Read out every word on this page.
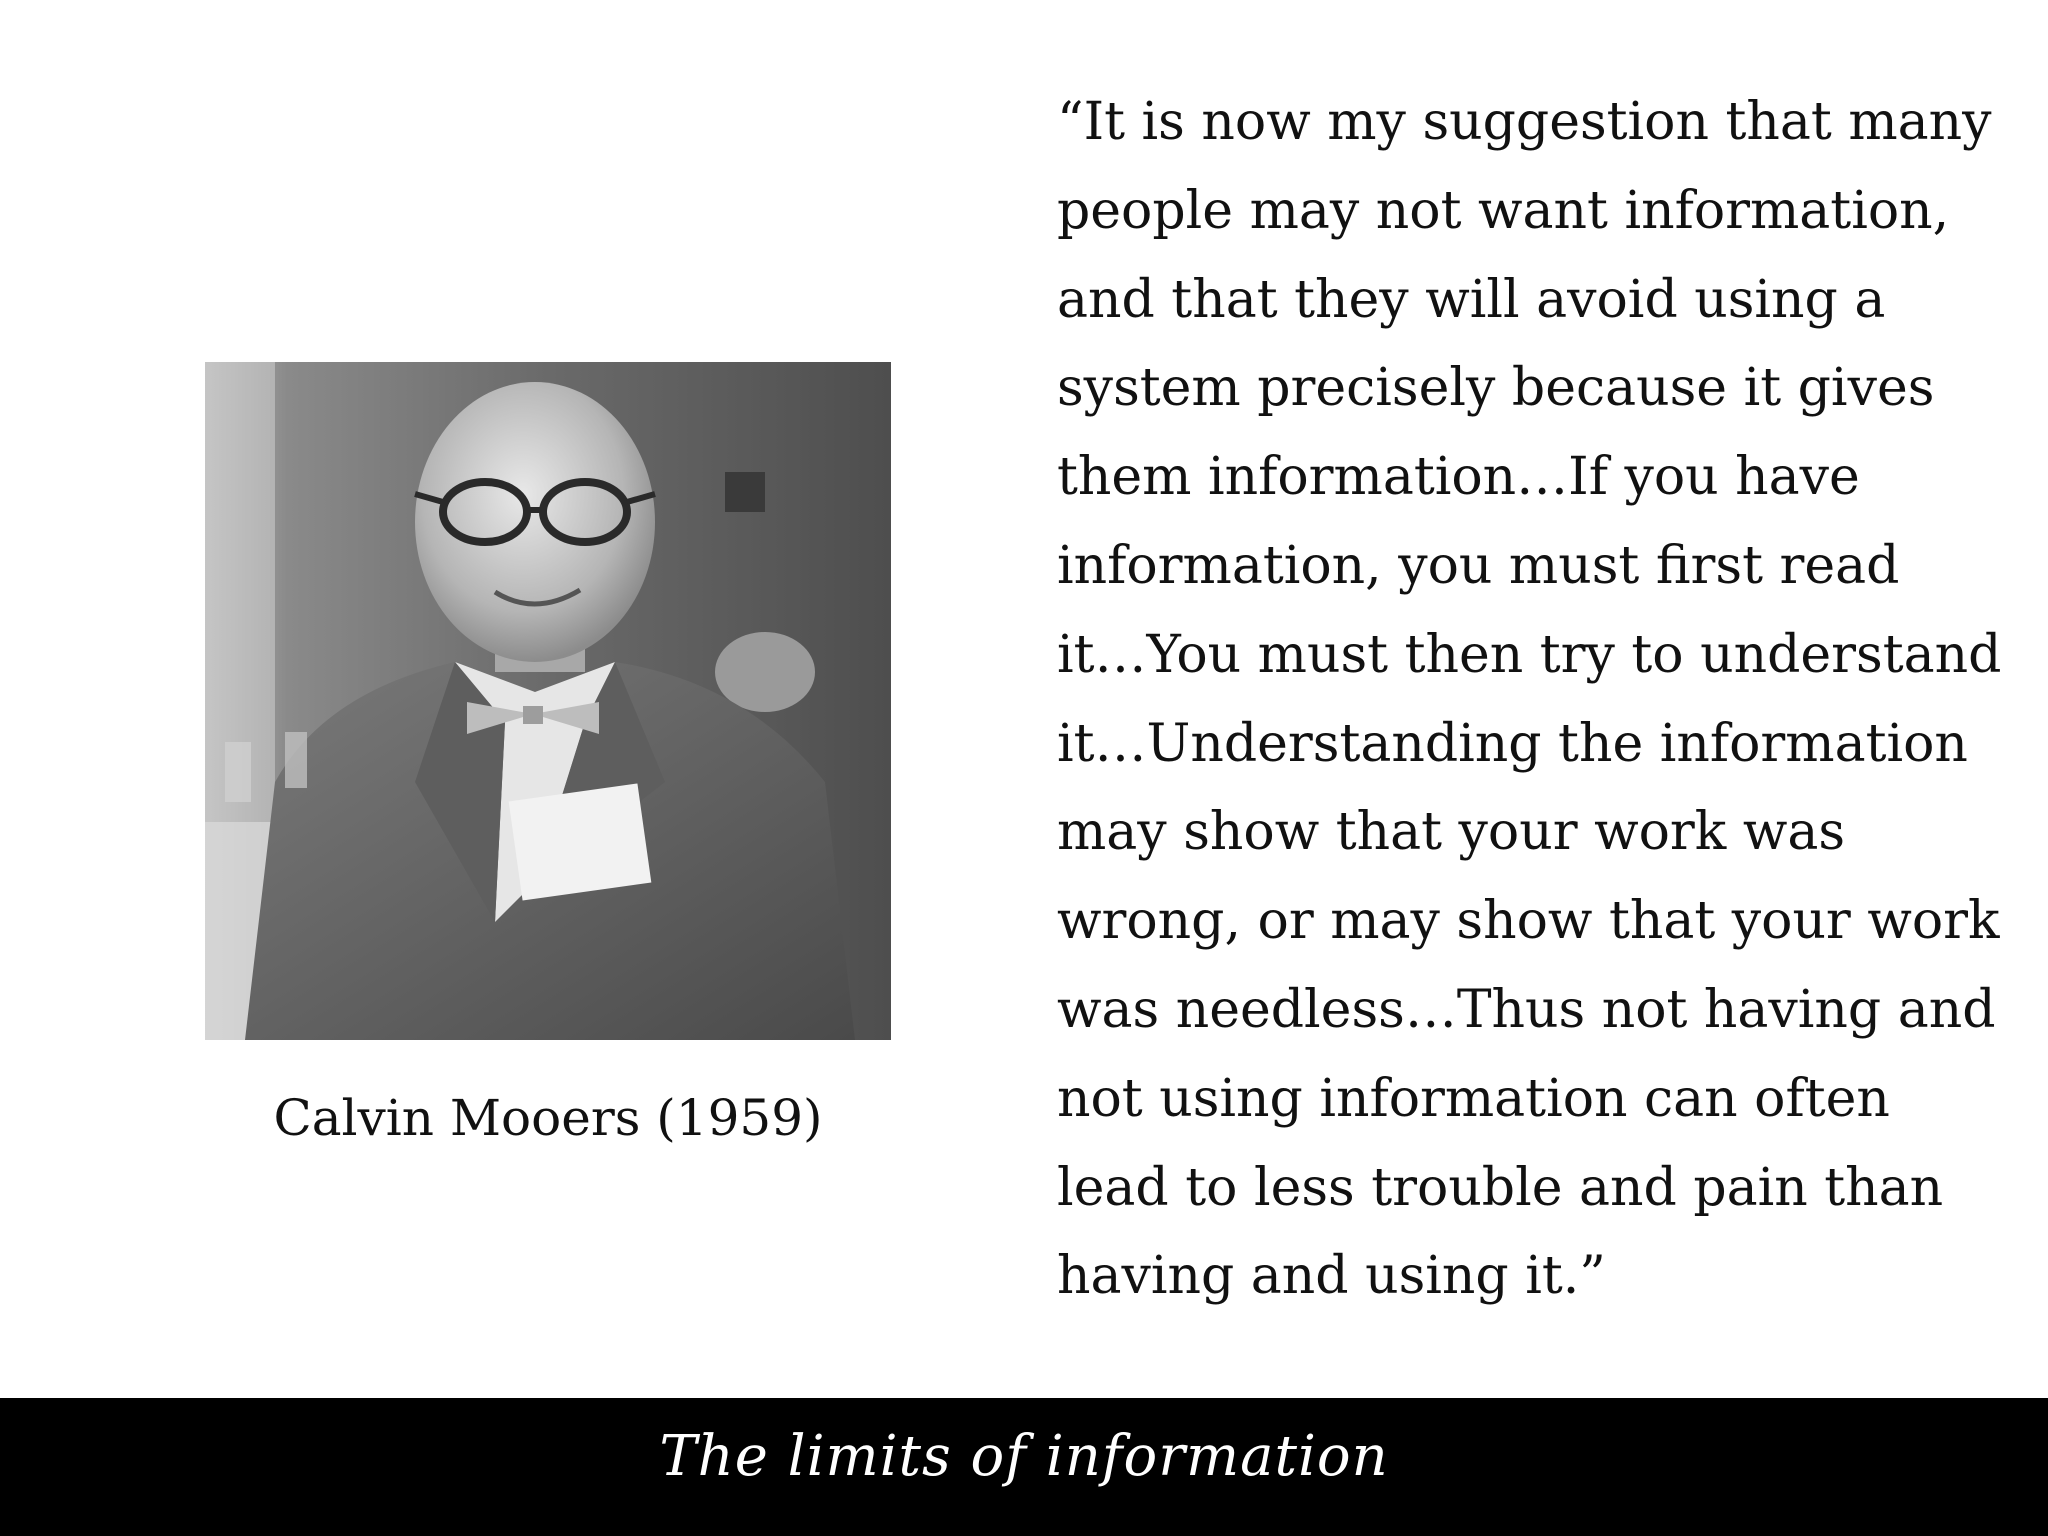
Calvin Mooers (1959)
“It is now my suggestion that many
people may not want information,
and that they will avoid using a
system precisely because it gives
them information…If you have
information, you must first read
it…You must then try to understand
it…Understanding the information
may show that your work was
wrong, or may show that your work
was needless…Thus not having and
not using information can often
lead to less trouble and pain than
having and using it.”
The limits of information
